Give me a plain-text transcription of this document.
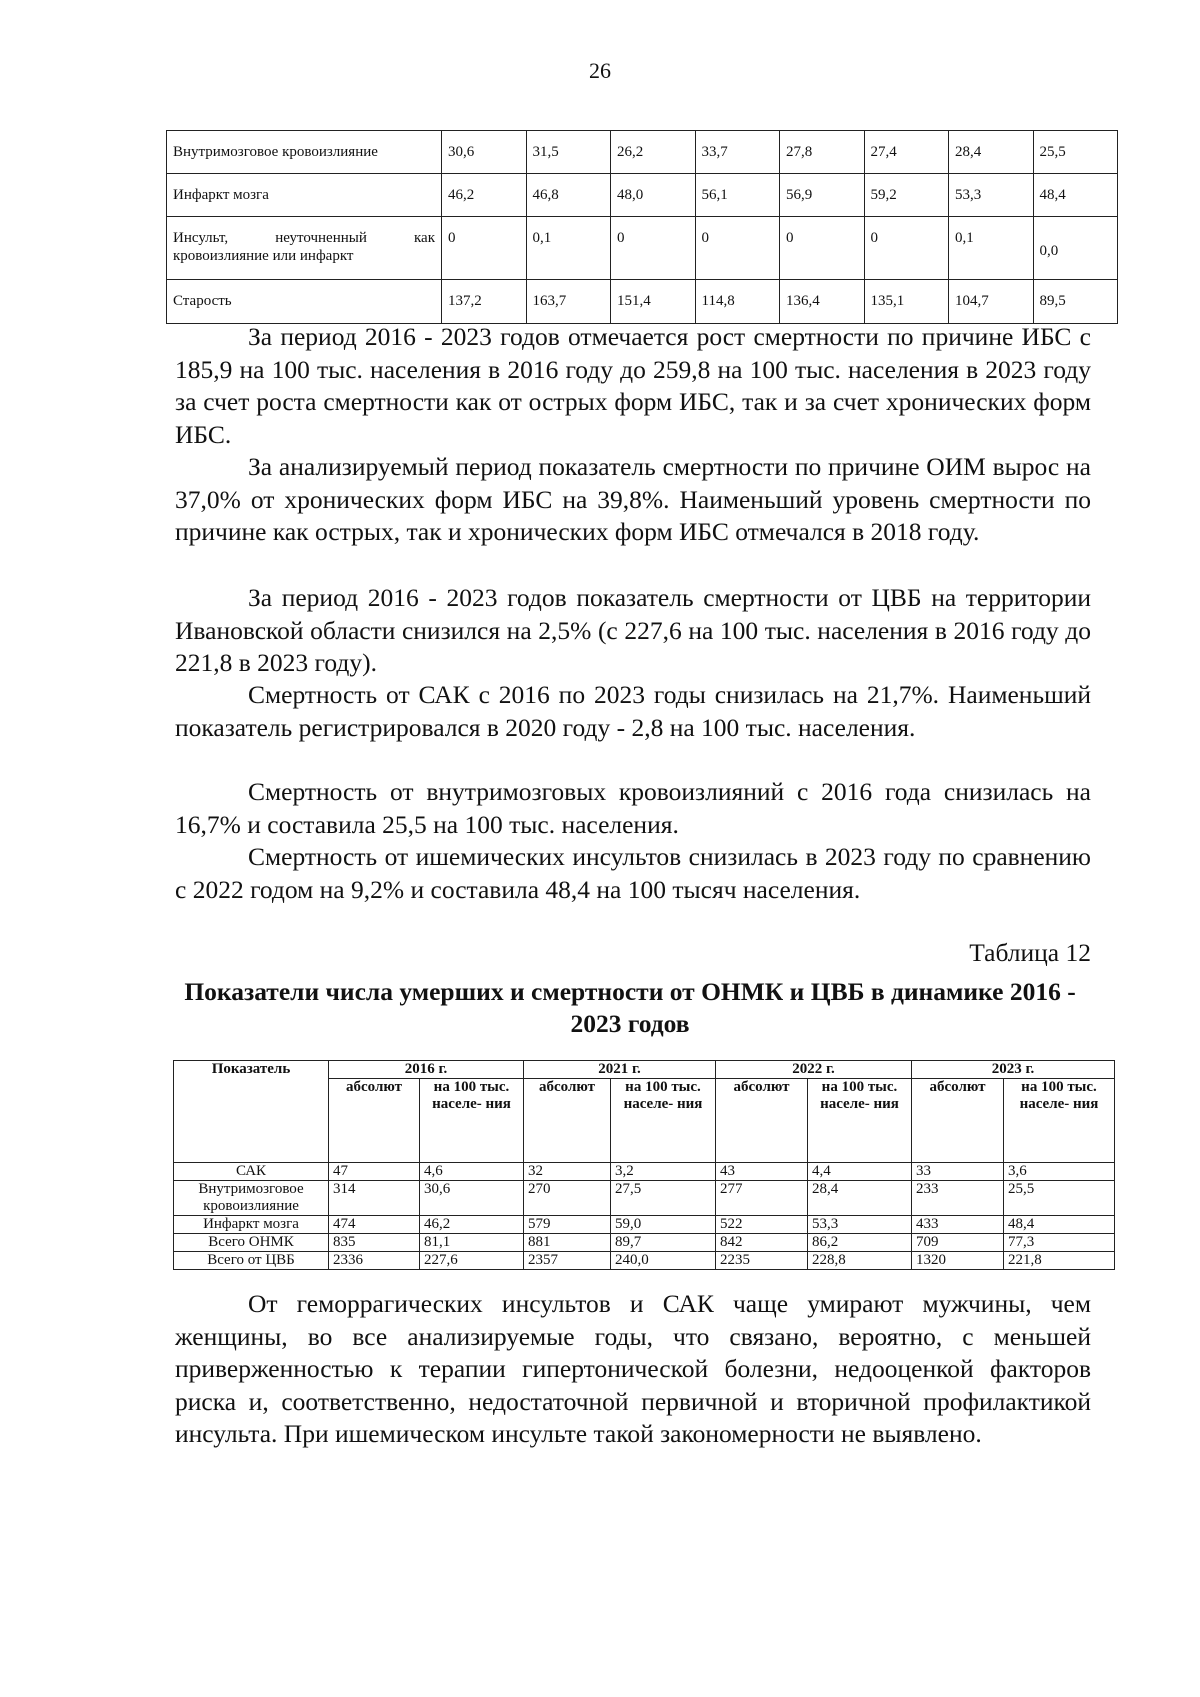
26
Внутримозговое кровоизлияние	30,6	31,5	26,2	33,7	27,8	27,4	28,4	25,5
Инфаркт мозга	46,2	46,8	48,0	56,1	56,9	59,2	53,3	48,4
Инсульт, неуточненный как кровоизлияние или инфаркт	0	0,1	0	0	0	0	0,1	0,0
Старость	137,2	163,7	151,4	114,8	136,4	135,1	104,7	89,5

За период 2016 - 2023 годов отмечается рост смертности по причине ИБС с 185,9 на 100 тыс. населения в 2016 году до 259,8 на 100 тыс. населения в 2023 году за счет роста смертности как от острых форм ИБС, так и за счет хронических форм ИБС.

За анализируемый период показатель смертности по причине ОИМ вырос на 37,0% от хронических форм ИБС на 39,8%. Наименьший уровень смертности по причине как острых, так и хронических форм ИБС отмечался в 2018 году.

За период 2016 - 2023 годов показатель смертности от ЦВБ на территории Ивановской области снизился на 2,5% (с 227,6 на 100 тыс. населения в 2016 году до 221,8 в 2023 году).

Смертность от САК с 2016 по 2023 годы снизилась на 21,7%. Наименьший показатель регистрировался в 2020 году - 2,8 на 100 тыс. населения.

Смертность от внутримозговых кровоизлияний с 2016 года снизилась на 16,7% и составила 25,5 на 100 тыс. населения.

Смертность от ишемических инсультов снизилась в 2023 году по сравнению с 2022 годом на 9,2% и составила 48,4 на 100 тысяч населения.

Таблица 12
Показатели числа умерших и смертности от ОНМК и ЦВБ в динамике 2016 - 2023 годов
Показатель	2016 г.		2021 г.		2022 г.		2023 г.	
	абсолют	на 100 тыс. населе- ния	абсолют	на 100 тыс. населе- ния	абсолют	на 100 тыс. населе- ния	абсолют	на 100 тыс. населе- ния
САК	47	4,6	32	3,2	43	4,4	33	3,6
Внутримозговое кровоизлияние	314	30,6	270	27,5	277	28,4	233	25,5
Инфаркт мозга	474	46,2	579	59,0	522	53,3	433	48,4
Всего ОНМК	835	81,1	881	89,7	842	86,2	709	77,3
Всего от ЦВБ	2336	227,6	2357	240,0	2235	228,8	1320	221,8

От геморрагических инсультов и САК чаще умирают мужчины, чем женщины, во все анализируемые годы, что связано, вероятно, с меньшей приверженностью к терапии гипертонической болезни, недооценкой факторов риска и, соответственно, недостаточной первичной и вторичной профилактикой инсульта. При ишемическом инсульте такой закономерности не выявлено.
